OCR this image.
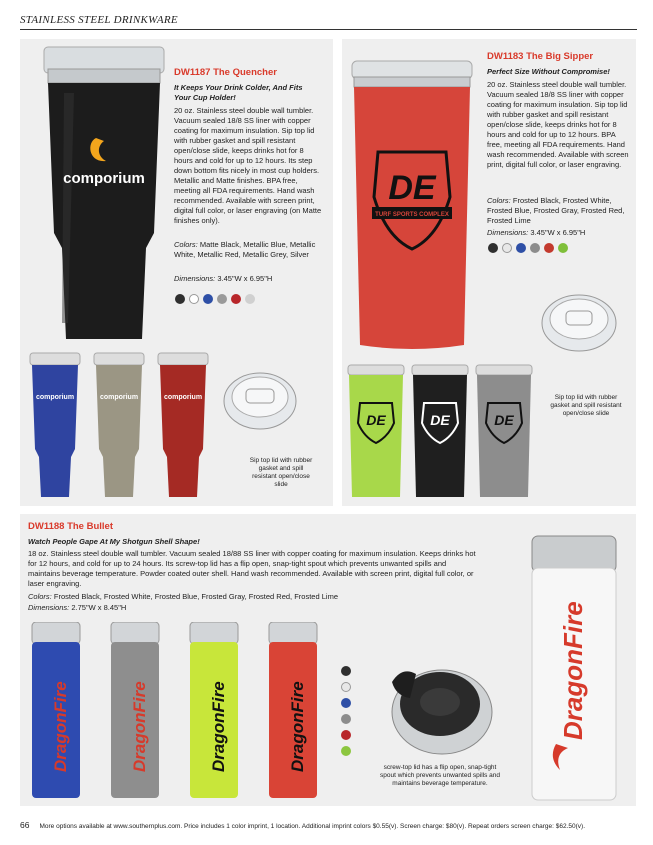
STAINLESS STEEL DRINKWARE
comporium
DW1187 The Quencher
It Keeps Your Drink Colder, And Fits Your Cup Holder!
20 oz. Stainless steel double wall tumbler. Vacuum sealed 18/8 SS liner with copper coating for maximum insulation. Sip top lid with rubber gasket and spill resistant open/close slide, keeps drinks hot for 8 hours and cold for up to 12 hours. Its step down bottom fits nicely in most cup holders. Metallic and Matte finishes. BPA free, meeting all FDA requirements. Hand wash recommended. Available with screen print, digital full color, or laser engraving (on Matte finishes only).
Colors: Matte Black, Metallic Blue, Metallic White, Metallic Red, Metallic Grey, Silver
Dimensions: 3.45"W x 6.95"H
comporium	comporium	comporium
Sip top lid with rubber gasket and spill resistant open/close slide
DW1183 The Big Sipper
Perfect Size Without Compromise!
20 oz. Stainless steel double wall tumbler. Vacuum sealed 18/8 SS liner with copper coating for maximum insulation. Sip top lid with rubber gasket and spill resistant open/close slide, keeps drinks hot for 8 hours and cold for up to 12 hours. BPA free, meeting all FDA requirements. Hand wash recommended. Available with screen print, digital full color, or laser engraving.
Colors: Frosted Black, Frosted White, Frosted Blue, Frosted Gray, Frosted Red, Frosted Lime
Dimensions: 3.45"W x 6.95"H
DE
TURF SPORTS COMPLEX
DE	DE	DE
Sip top lid with rubber gasket and spill resistant open/close slide
DW1188 The Bullet
Watch People Gape At My Shotgun Shell Shape!
18 oz. Stainless steel double wall tumbler. Vacuum sealed 18/88 SS liner with copper coating for maximum insulation. Keeps drinks hot for 12 hours, and cold for up to 24 hours. Its screw-top lid has a flip open, snap-tight spout which prevents unwanted spills and maintains beverage temperature. Powder coated outer shell. Hand wash recommended. Available with screen print, digital full color, or laser engraving.
Colors: Frosted Black, Frosted White, Frosted Blue, Frosted Gray, Frosted Red, Frosted Lime
Dimensions: 2.75"W x 8.45"H
DragonFire	DragonFire	DragonFire	DragonFire	screw-top lid has a flip open, snap-tight spout which prevents unwanted spills and maintains beverage temperature.
DragonFire
66 More options available at www.southernplus.com. Price includes 1 color imprint, 1 location. Additional imprint colors $0.55(v). Screen charge: $80(v). Repeat orders screen charge: $62.50(v).
